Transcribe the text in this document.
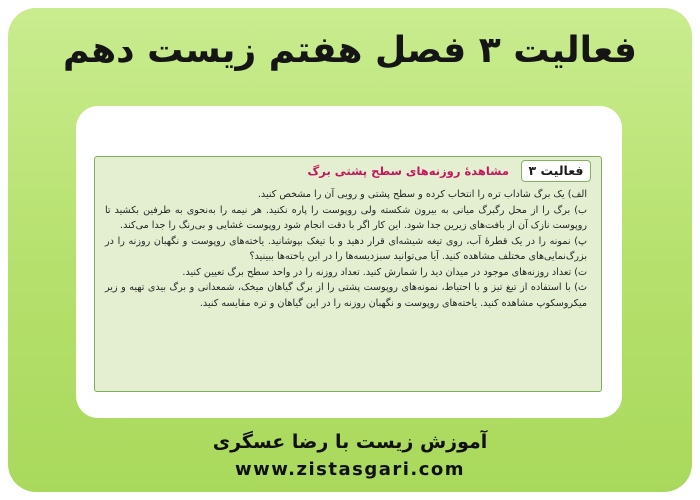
فعالیت ۳ فصل هفتم زیست دهم
فعالیت ۳
مشاهدهٔ روزنه‌های سطح پشتی برگ

الف) یک برگ شاداب تره را انتخاب کرده و سطح پشتی و رویی آن را مشخص کنید.

ب) برگ را از محل رگبرگ میانی به بیرون شکسته ولی روپوست را پاره نکنید. هر نیمه را به‌نحوی به طرفین بکشید تا روپوست نازک آن از بافت‌های زیرین جدا شود. این کار اگر با دقت انجام شود روپوست غشایی و بی‌رنگ را جدا می‌کند.

پ) نمونه را در یک قطرهٔ آب، روی تیغه شیشه‌ای قرار دهید و با تیغک بپوشانید. یاخته‌های روپوست و نگهبان روزنه را در بزرگ‌نمایی‌های مختلف مشاهده کنید. آیا می‌توانید سبزدیسه‌ها را در این یاخته‌ها ببینید؟

ت) تعداد روزنه‌های موجود در میدان دید را شمارش کنید. تعداد روزنه را در واحد سطح برگ تعیین کنید.

ث) با استفاده از تیغ تیز و با احتیاط، نمونه‌های روپوست پشتی را از برگ گیاهان میخک، شمعدانی و برگ بیدی تهیه و زیر میکروسکوپ مشاهده کنید. یاخته‌های روپوست و نگهبان روزنه را در این گیاهان و تره مقایسه کنید.

آموزش زیست با رضا عسگری
www.zistasgari.com
